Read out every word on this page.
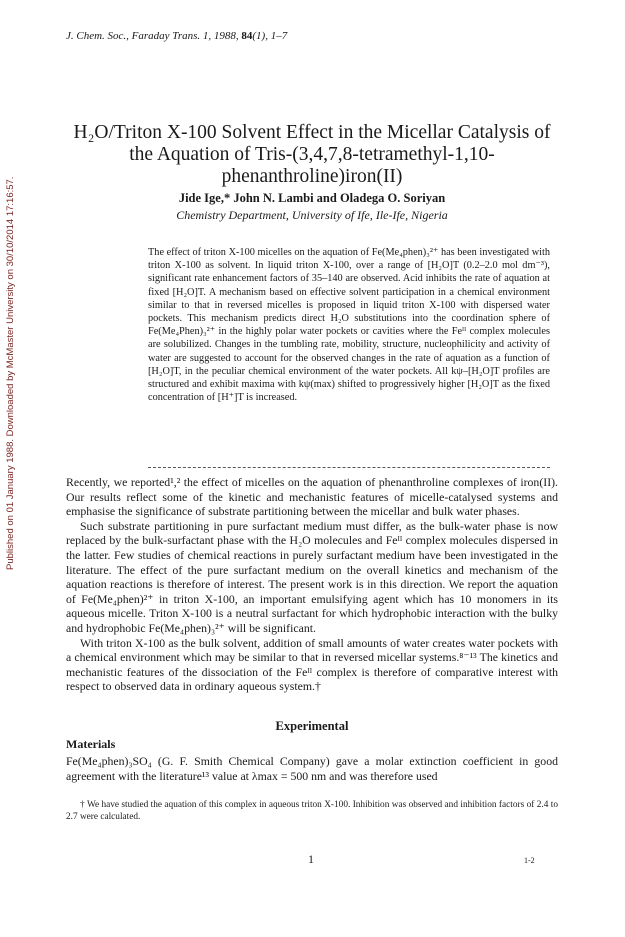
J. Chem. Soc., Faraday Trans. 1, 1988, 84(1), 1–7
Published on 01 January 1988. Downloaded by McMaster University on 30/10/2014 17:16:57.
H₂O/Triton X-100 Solvent Effect in the Micellar Catalysis of the Aquation of Tris-(3,4,7,8-tetramethyl-1,10-phenanthroline)iron(II)
Jide Ige,* John N. Lambi and Oladega O. Soriyan
Chemistry Department, University of Ife, Ile-Ife, Nigeria

The effect of triton X-100 micelles on the aquation of Fe(Me₄phen)₃²⁺ has been investigated with triton X-100 as solvent. In liquid triton X-100, over a range of [H₂O]T (0.2–2.0 mol dm⁻³), significant rate enhancement factors of 35–140 are observed. Acid inhibits the rate of aquation at fixed [H₂O]T. A mechanism based on effective solvent participation in a chemical environment similar to that in reversed micelles is proposed in liquid triton X-100 with dispersed water pockets. This mechanism predicts direct H₂O substitutions into the coordination sphere of Fe(Me₄Phen)₃²⁺ in the highly polar water pockets or cavities where the Feᴵᴵ complex molecules are solubilized. Changes in the tumbling rate, mobility, structure, nucleophilicity and activity of water are suggested to account for the observed changes in the rate of aquation as a function of [H₂O]T, in the peculiar chemical environment of the water pockets. All kψ–[H₂O]T profiles are structured and exhibit maxima with kψ(max) shifted to progressively higher [H₂O]T as the fixed concentration of [H⁺]T is increased.

Recently, we reported¹,² the effect of micelles on the aquation of phenanthroline complexes of iron(II). Our results reflect some of the kinetic and mechanistic features of micelle-catalysed systems and emphasise the significance of substrate partitioning between the micellar and bulk water phases.

Such substrate partitioning in pure surfactant medium must differ, as the bulk-water phase is now replaced by the bulk-surfactant phase with the H₂O molecules and Feᴵᴵ complex molecules dispersed in the latter. Few studies of chemical reactions in purely surfactant medium have been investigated in the literature. The effect of the pure surfactant medium on the overall kinetics and mechanism of the aquation reactions is therefore of interest. The present work is in this direction. We report the aquation of Fe(Me₄phen)²⁺ in triton X-100, an important emulsifying agent which has 10 monomers in its aqueous micelle. Triton X-100 is a neutral surfactant for which hydrophobic interaction with the bulky and hydrophobic Fe(Me₄phen)₃²⁺ will be significant.

With triton X-100 as the bulk solvent, addition of small amounts of water creates water pockets with a chemical environment which may be similar to that in reversed micellar systems.⁸⁻¹³ The kinetics and mechanistic features of the dissociation of the Feᴵᴵ complex is therefore of comparative interest with respect to observed data in ordinary aqueous system.†

Experimental
Materials

Fe(Me₄phen)₃SO₄ (G. F. Smith Chemical Company) gave a molar extinction coefficient in good agreement with the literature¹³ value at λmax = 500 nm and was therefore used

† We have studied the aquation of this complex in aqueous triton X-100. Inhibition was observed and inhibition factors of 2.4 to 2.7 were calculated.

1	1-2
